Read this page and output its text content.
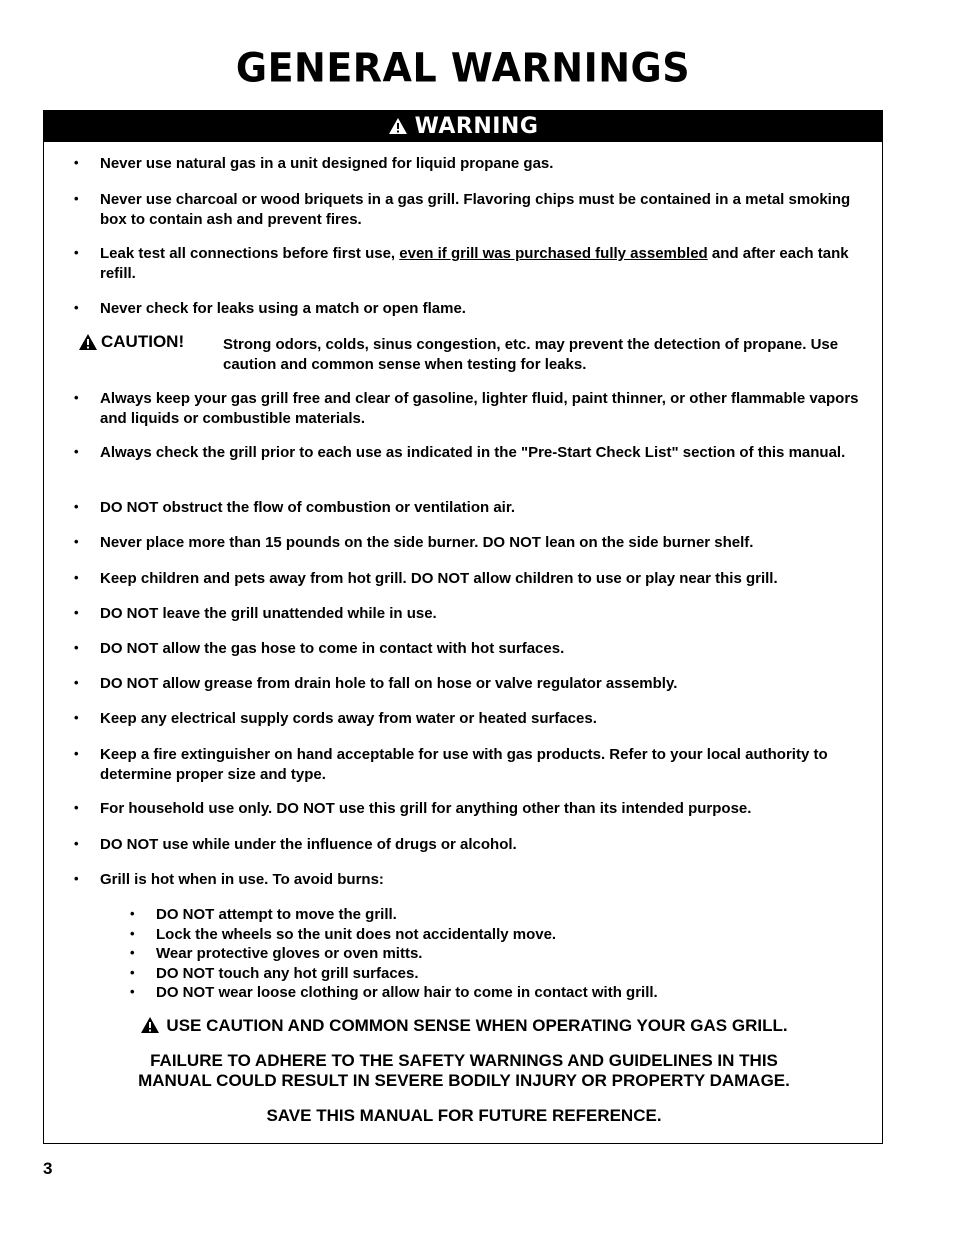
GENERAL WARNINGS
WARNING
• Never use natural gas in a unit designed for liquid propane gas.
• Never use charcoal or wood briquets in a gas grill. Flavoring chips must be contained in a metal smoking box to contain ash and prevent fires.
• Leak test all connections before first use, even if grill was purchased fully assembled and after each tank refill.
• Never check for leaks using a match or open flame.
CAUTION!	Strong odors, colds, sinus congestion, etc. may prevent the detection of propane. Use caution and common sense when testing for leaks.
• Always keep your gas grill free and clear of gasoline, lighter fluid, paint thinner, or other flammable vapors and liquids or combustible materials.
• Always check the grill prior to each use as indicated in the "Pre-Start Check List" section of this manual.
• DO NOT obstruct the flow of combustion or ventilation air.
• Never place more than 15 pounds on the side burner. DO NOT lean on the side burner shelf.
• Keep children and pets away from hot grill. DO NOT allow children to use or play near this grill.
• DO NOT leave the grill unattended while in use.
• DO NOT allow the gas hose to come in contact with hot surfaces.
• DO NOT allow grease from drain hole to fall on hose or valve regulator assembly.
• Keep any electrical supply cords away from water or heated surfaces.
• Keep a fire extinguisher on hand acceptable for use with gas products. Refer to your local authority to determine proper size and type.
• For household use only. DO NOT use this grill for anything other than its intended purpose.
• DO NOT use while under the influence of drugs or alcohol.
• Grill is hot when in use. To avoid burns:
• DO NOT attempt to move the grill.
• Lock the wheels so the unit does not accidentally move.
• Wear protective gloves or oven mitts.
• DO NOT touch any hot grill surfaces.
• DO NOT wear loose clothing or allow hair to come in contact with grill.
USE CAUTION AND COMMON SENSE WHEN OPERATING YOUR GAS GRILL.
FAILURE TO ADHERE TO THE SAFETY WARNINGS AND GUIDELINES IN THIS
MANUAL COULD RESULT IN SEVERE BODILY INJURY OR PROPERTY DAMAGE.
SAVE THIS MANUAL FOR FUTURE REFERENCE.
3
